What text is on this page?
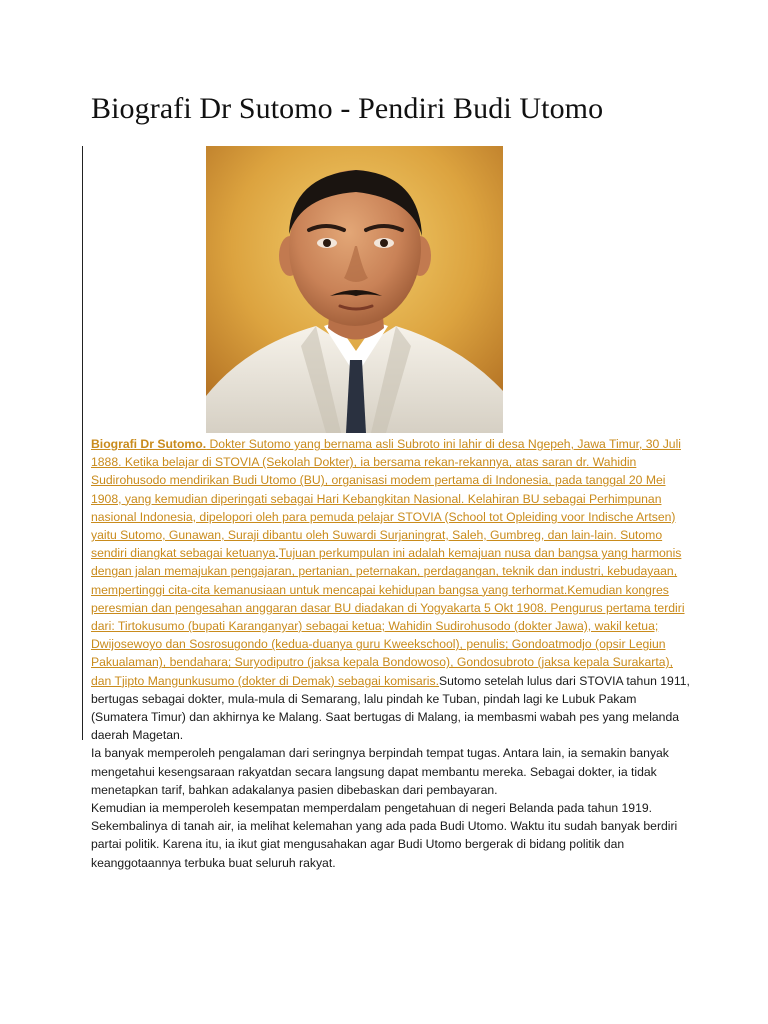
Biografi Dr Sutomo - Pendiri Budi Utomo

Biografi Dr Sutomo. Dokter Sutomo yang bernama asli Subroto ini lahir di desa Ngepeh, Jawa Timur, 30 Juli 1888. Ketika belajar di STOVIA (Sekolah Dokter), ia bersama rekan-rekannya, atas saran dr. Wahidin Sudirohusodo mendirikan Budi Utomo (BU), organisasi modem pertama di Indonesia, pada tanggal 20 Mei 1908, yang kemudian diperingati sebagai Hari Kebangkitan Nasional. Kelahiran BU sebagai Perhimpunan nasional Indonesia, dipelopori oleh para pemuda pelajar STOVIA (School tot Opleiding voor Indische Artsen) yaitu Sutomo, Gunawan, Suraji dibantu oleh Suwardi Surjaningrat, Saleh, Gumbreg, dan lain-lain. Sutomo sendiri diangkat sebagai ketuanya.Tujuan perkumpulan ini adalah kemajuan nusa dan bangsa yang harmonis dengan jalan memajukan pengajaran, pertanian, peternakan, perdagangan, teknik dan industri, kebudayaan, mempertinggi cita-cita kemanusiaan untuk mencapai kehidupan bangsa yang terhormat.Kemudian kongres peresmian dan pengesahan anggaran dasar BU diadakan di Yogyakarta 5 Okt 1908. Pengurus pertama terdiri dari: Tirtokusumo (bupati Karanganyar) sebagai ketua; Wahidin Sudirohusodo (dokter Jawa), wakil ketua; Dwijosewoyo dan Sosrosugondo (kedua-duanya guru Kweekschool), penulis; Gondoatmodjo (opsir Legiun Pakualaman), bendahara; Suryodiputro (jaksa kepala Bondowoso), Gondosubroto (jaksa kepala Surakarta), dan Tjipto Mangunkusumo (dokter di Demak) sebagai komisaris.Sutomo setelah lulus dari STOVIA tahun 1911, bertugas sebagai dokter, mula-mula di Semarang, lalu pindah ke Tuban, pindah lagi ke Lubuk Pakam (Sumatera Timur) dan akhirnya ke Malang. Saat bertugas di Malang, ia membasmi wabah pes yang melanda daerah Magetan.

Ia banyak memperoleh pengalaman dari seringnya berpindah tempat tugas. Antara lain, ia semakin banyak mengetahui kesengsaraan rakyatdan secara langsung dapat membantu mereka. Sebagai dokter, ia tidak menetapkan tarif, bahkan adakalanya pasien dibebaskan dari pembayaran.

Kemudian ia memperoleh kesempatan memperdalam pengetahuan di negeri Belanda pada tahun 1919. Sekembalinya di tanah air, ia melihat kelemahan yang ada pada Budi Utomo. Waktu itu sudah banyak berdiri partai politik. Karena itu, ia ikut giat mengusahakan agar Budi Utomo bergerak di bidang politik dan keanggotaannya terbuka buat seluruh rakyat.
